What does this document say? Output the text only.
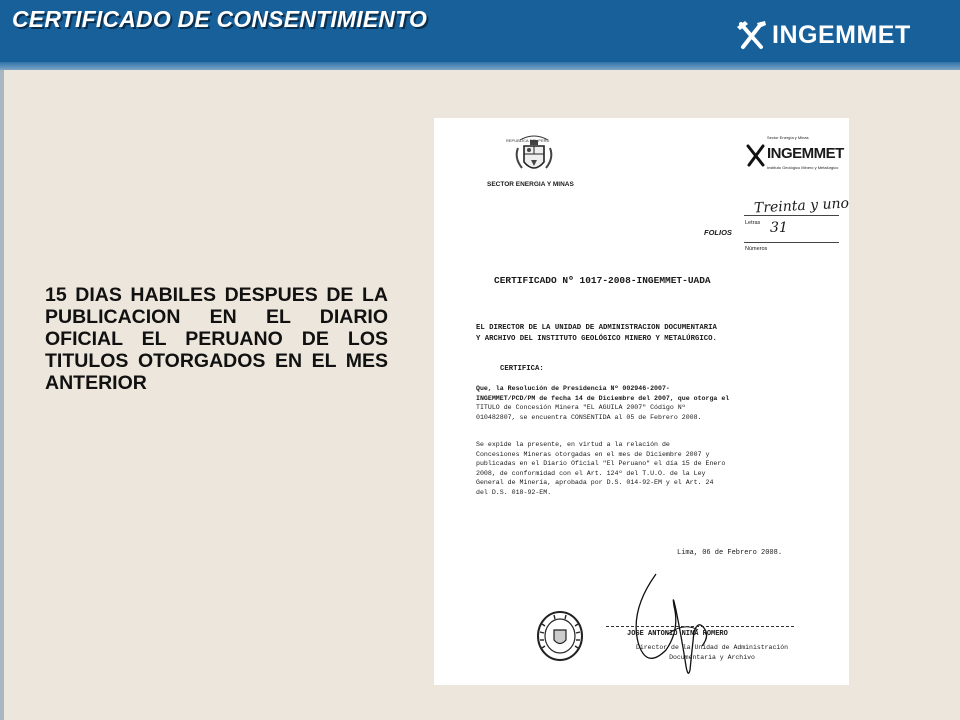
CERTIFICADO DE CONSENTIMIENTO
INGEMMET
15 DIAS HABILES DESPUES DE LA PUBLICACION EN EL DIARIO OFICIAL EL PERUANO DE LOS TITULOS OTORGADOS EN EL MES ANTERIOR
REPUBLICA DEL PERU
SECTOR ENERGIA Y MINAS
Sector Energía y Minas
INGEMMET
Instituto Geológico Minero y Metalúrgico
Treinta y uno
Letras
FOLIOS	31
Números
CERTIFICADO Nº 1017-2008-INGEMMET-UADA
EL DIRECTOR DE LA UNIDAD DE ADMINISTRACION DOCUMENTARIA
Y ARCHIVO DEL INSTITUTO GEOLÓGICO MINERO Y METALÚRGICO.
CERTIFICA:
Que, la Resolución de Presidencia Nº 002946-2007-
INGEMMET/PCD/PM de fecha 14 de Diciembre del 2007, que otorga el
TITULO de Concesión Minera "EL AGUILA 2007" Código Nº
010482807, se encuentra CONSENTIDA al 05 de Febrero 2008.
Se expide la presente, en virtud a la relación de
Concesiones Mineras otorgadas en el mes de Diciembre 2007 y
publicadas en el Diario Oficial "El Peruano" el día 15 de Enero
2008, de conformidad con el Art. 124º del T.U.O. de la Ley
General de Minería, aprobada por D.S. 014-92-EM y el Art. 24
del D.S. 018-92-EM.
Lima, 06 de Febrero 2008.
JOSE ANTONIO NINA ROMERO
Director de la Unidad de Administración
Documentaria y Archivo
